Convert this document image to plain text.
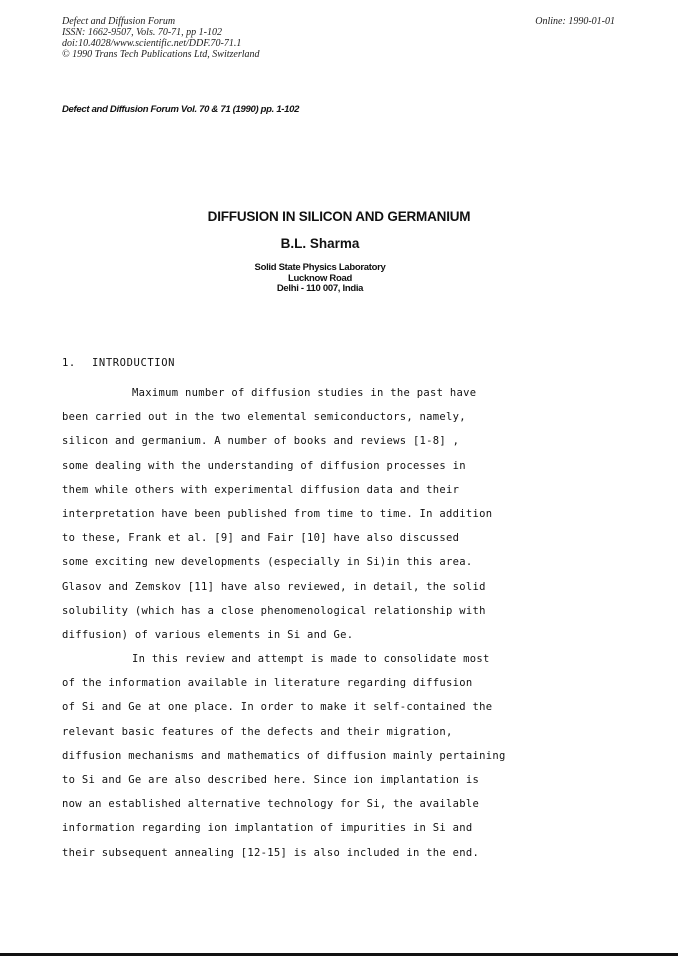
Defect and Diffusion Forum
ISSN: 1662-9507, Vols. 70-71, pp 1-102
doi:10.4028/www.scientific.net/DDF.70-71.1
© 1990 Trans Tech Publications Ltd, Switzerland
Online: 1990-01-01
Defect and Diffusion Forum Vol. 70 & 71 (1990) pp. 1-102
DIFFUSION IN SILICON AND GERMANIUM
B.L. Sharma
Solid State Physics Laboratory
Lucknow Road
Delhi - 110 007, India
1. INTRODUCTION
Maximum number of diffusion studies in the past have
been carried out in the two elemental semiconductors, namely,
silicon and germanium. A number of books and reviews [1-8] ,
some dealing with the understanding of diffusion processes in
them while others with experimental diffusion data and their
interpretation have been published from time to time. In addition
to these, Frank et al. [9] and Fair [10] have also discussed
some exciting new developments (especially in Si)in this area.
Glasov and Zemskov [11] have also reviewed, in detail, the solid
solubility (which has a close phenomenological relationship with
diffusion) of various elements in Si and Ge.
In this review and attempt is made to consolidate most
of the information available in literature regarding diffusion
of Si and Ge at one place. In order to make it self-contained the
relevant basic features of the defects and their migration,
diffusion mechanisms and mathematics of diffusion mainly pertaining
to Si and Ge are also described here. Since ion implantation is
now an established alternative technology for Si, the available
information regarding ion implantation of impurities in Si and
their subsequent annealing [12-15] is also included in the end.
